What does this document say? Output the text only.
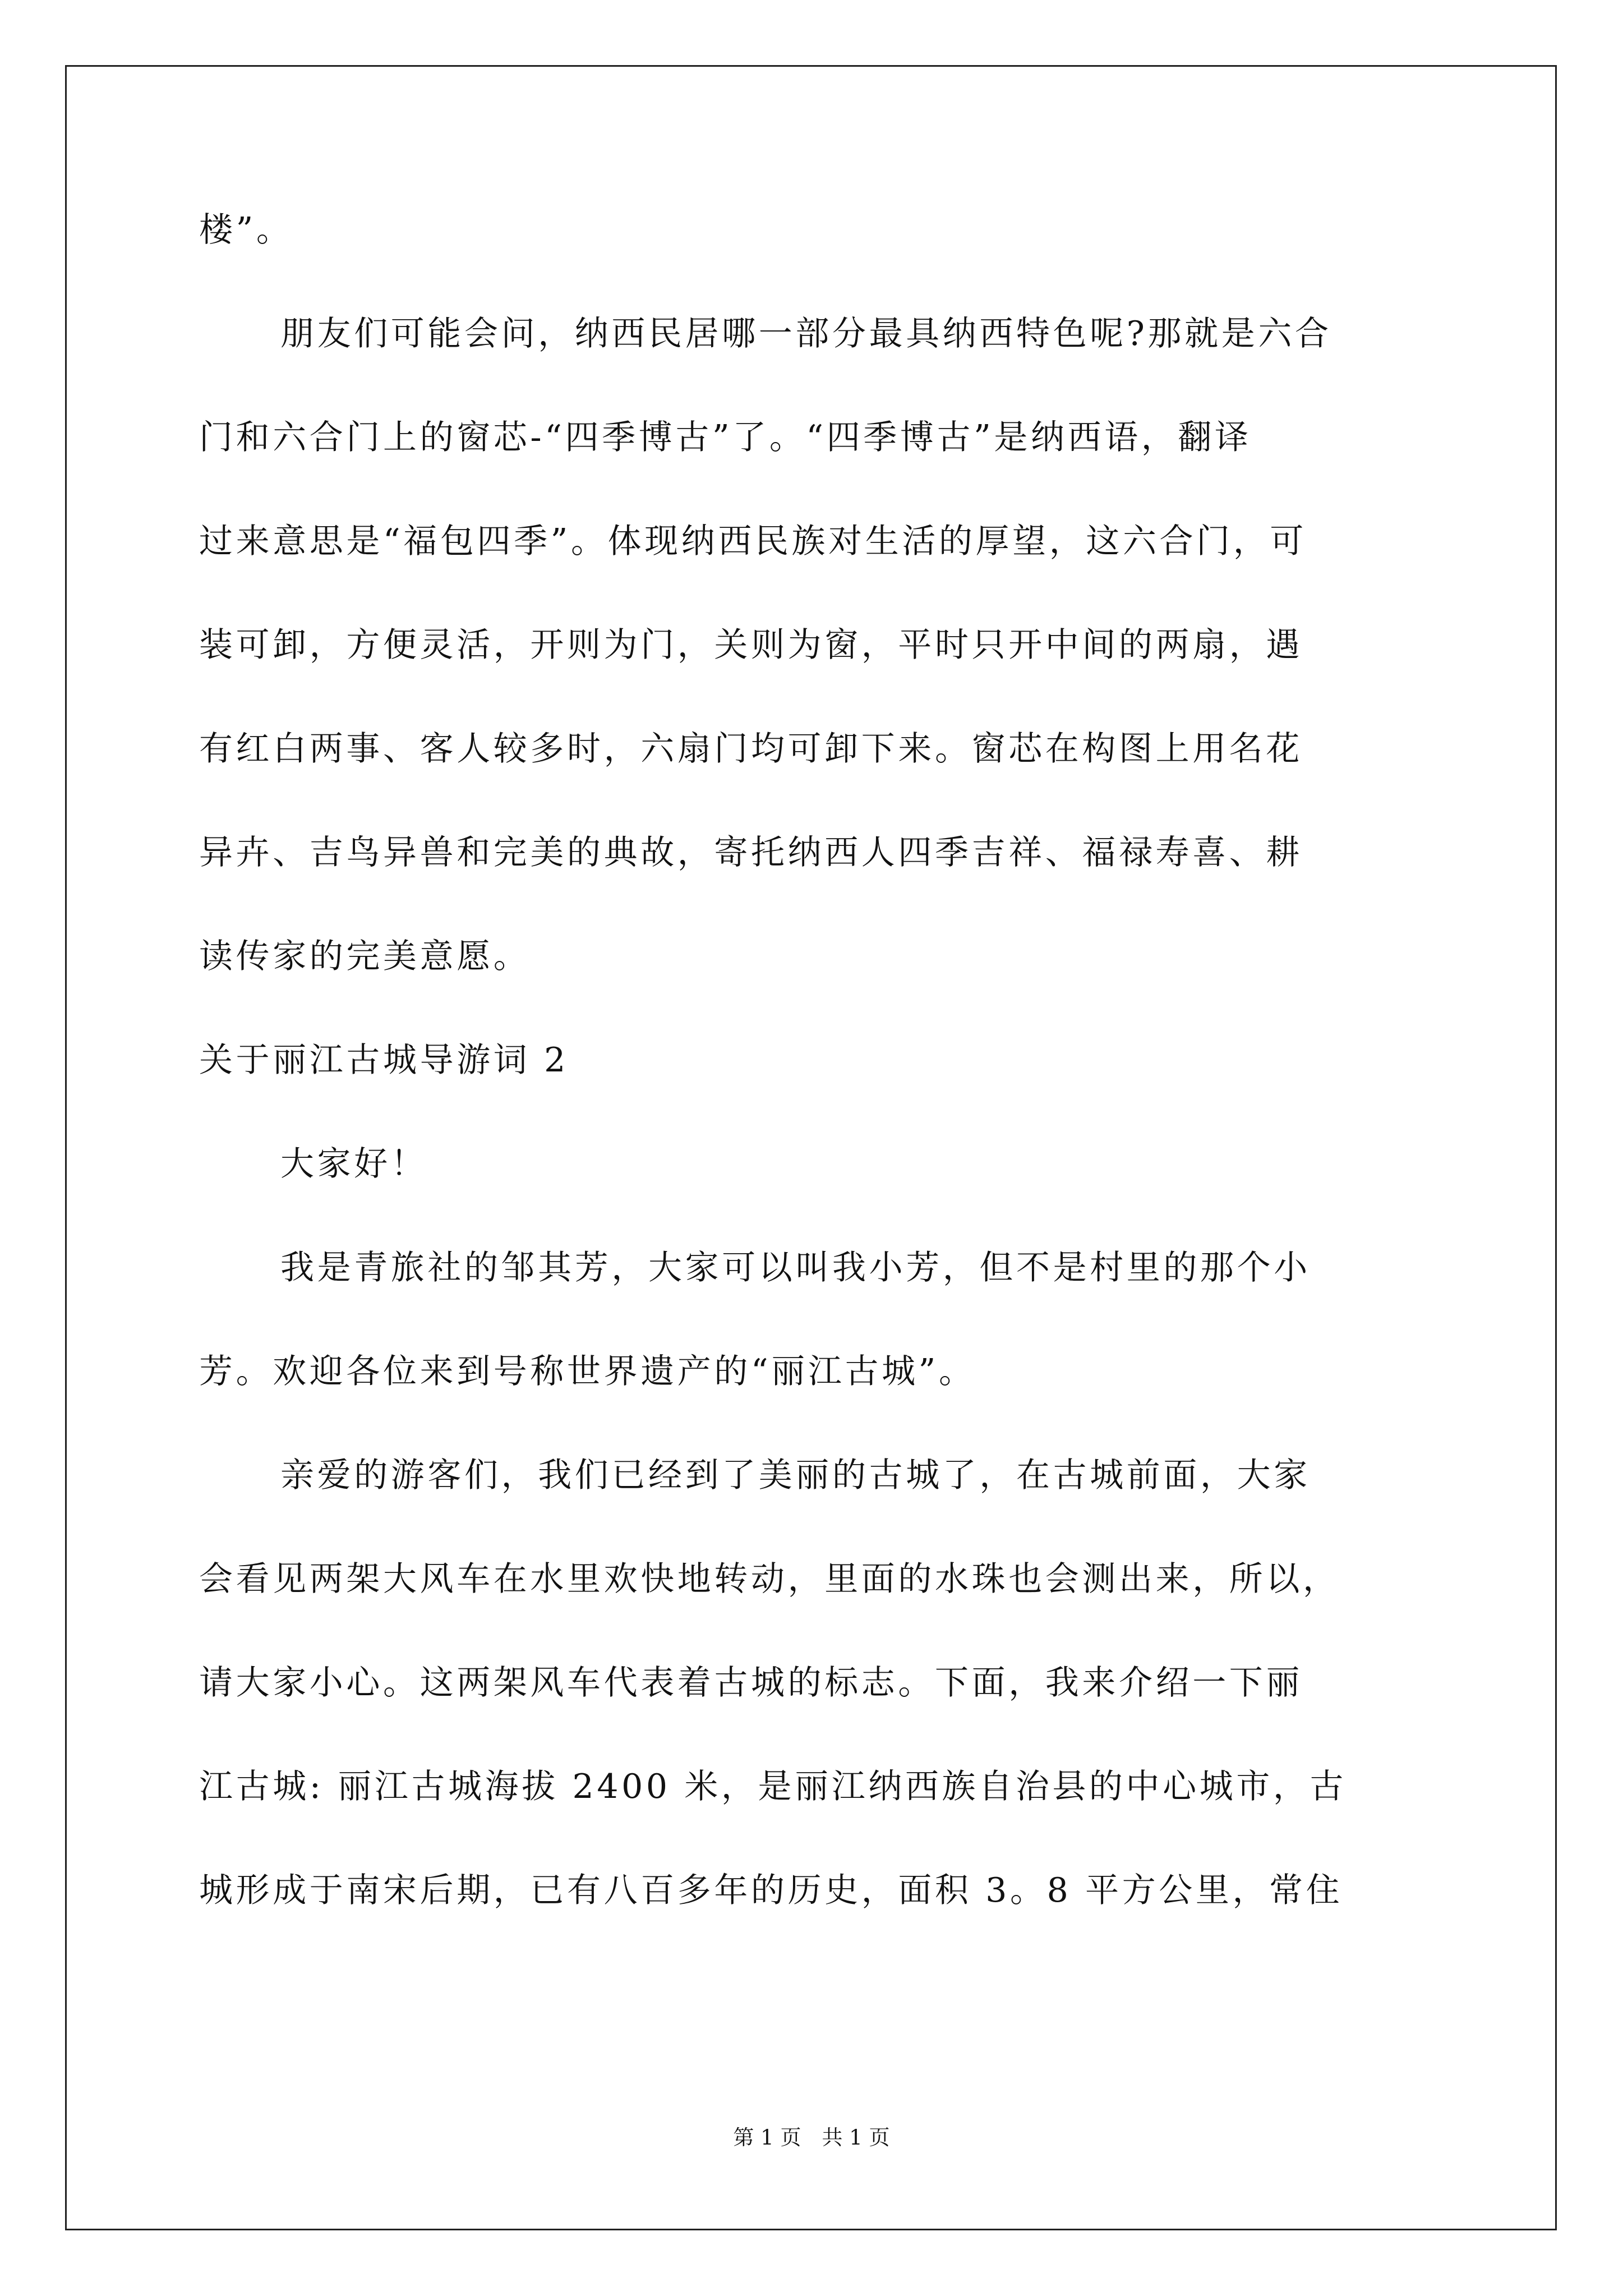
楼”。
朋友们可能会问，纳西民居哪一部分最具纳西特色呢?那就是六合
门和六合门上的窗芯-“四季博古”了。“四季博古”是纳西语，翻译
过来意思是“福包四季”。体现纳西民族对生活的厚望，这六合门，可
装可卸，方便灵活，开则为门，关则为窗，平时只开中间的两扇，遇
有红白两事、客人较多时，六扇门均可卸下来。窗芯在构图上用名花
异卉、吉鸟异兽和完美的典故，寄托纳西人四季吉祥、福禄寿喜、耕
读传家的完美意愿。
关于丽江古城导游词 2
大家好！
我是青旅社的邹其芳，大家可以叫我小芳，但不是村里的那个小
芳。欢迎各位来到号称世界遗产的“丽江古城”。
亲爱的游客们，我们已经到了美丽的古城了，在古城前面，大家
会看见两架大风车在水里欢快地转动，里面的水珠也会测出来，所以，
请大家小心。这两架风车代表着古城的标志。下面，我来介绍一下丽
江古城: 丽江古城海拔 2400 米，是丽江纳西族自治县的中心城市，古
城形成于南宋后期，已有八百多年的历史，面积 3。8 平方公里，常住
第 1 页　共 1 页
